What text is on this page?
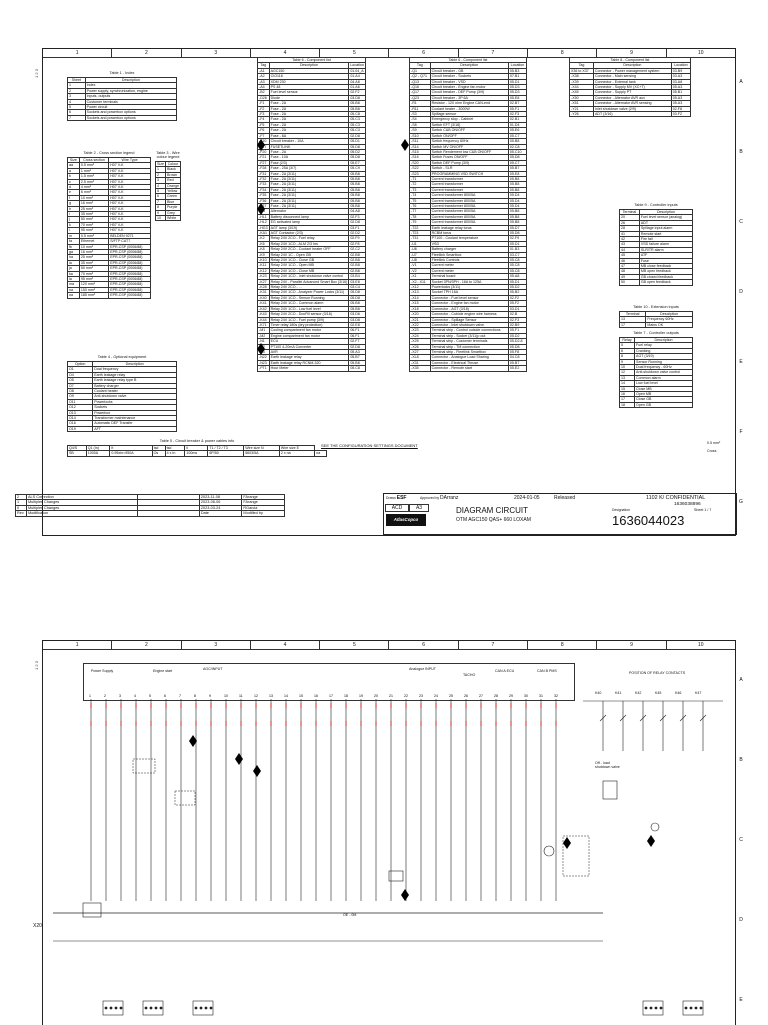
1	2	3	4	5	6	7	8	9	10
1 2 3	Table 1 - Index
Sheet	Description
1	Index
2	Power supply, synchronization, engine
3	Inputs, outputs
4	Customer terminals
5	Power circuit
6	Sockets and powerbox options
7	Sockets and powerbox options
Table 2 - Cross section legend
Size	Cross section	Wire Type
aa	0.5 mm²	H07 V-K
a	1 mm²	H07 V-K
b	1.5 mm²	H07 V-K
c	2.5 mm²	H07 V-K
d	4 mm²	H07 V-K
e	6 mm²	H07 V-K
f	10 mm²	H07 V-K
g	16 mm²	H07 V-K
h	25 mm²	H07 V-K
i	35 mm²	H07 V-K
j	50 mm²	H07 V-K
k	70 mm²	H07 V-K
l	95 mm²	H07 V-K
m	0.5 mm²	BELDEN 9271
fa	Ethernet	S/FTP CAT7
fb	10 mm²	EPR-CSP (0006/88)
ga	16 mm²	EPR-CSP (0006/88)
ha	25 mm²	EPR-CSP (0006/88)
ia	35 mm²	EPR-CSP (0006/88)
ja	50 mm²	EPR-CSP (0006/88)
ka	70 mm²	EPR-CSP (0006/88)
la	95 mm²	EPR-CSP (0006/88)
ma	120 mm²	EPR-CSP (0006/88)
na	150 mm²	EPR-CSP (0006/88)
oa	185 mm²	EPR-CSP (0006/88)
Table 3 - Wire colour legend
Size	Colour
1	Black
2	Brown
3	Red
4	Orange
5	Yellow
6	Green
7	Blue
8	Purple
9	Grey
10	White
Table 4 - Optional equipment
Option	Description
O1	Dual frequency
O4	Earth leakage relay
O5	Earth leakage relay type B
O7	Battery charger
O8	Coolant heater
O9	Anti-shutdown valve
O11	Powerlocks
O12	Sockets
O13	Powerbox
O14	Transformer maintenance
O16	Automatic DEF Transfer
O19	AFT
Table 5 - Circuit breaker & power cables info
Q4/S	Q1 (In)	It	Isd	tsd	Ii	T1 / T2 / T3	Wire size N	Wire size E	
SB	1000A	0.95xIn=950A	Os	4 x In	100ms	6P/50	5603/5A	2 x na	na
Table 6 - Component list		
Tag	Description	Location
-A1	AGC150	01.04_A
-A2	CIO116	01.A4
-A3	XDM 230	04.A8
-A4	PS 48	01.A6
-B2	Fuel level sensor	02.F2
-D26	Diode	03.D8
-F1	Fuse - 2A	05.B8
-F2	Fuse - 2A	05.B8
-F3	Fuse - 2A	05.C8
-F4	Fuse - 2A	05.C3
-F5	Fuse - 2A	05.C3
-F6	Fuse - 2A	05.C3
-F7	Fuse - 6A	02.D8
-F10	Circuit breaker - 10A	05.D1
-F17	FUSETLINK	05.D8
-F20	Fuse - 2A	05.D2
-F21	Fuse - 10A	05.D8
-F27	Fuse (2/3)	05.E7
-F28	Fuse - 25A (3/7)	05.C9
-F31	Fuse - 2A (3/11)	05.B8
-F32	Fuse - 2A (3/11)	05.B8
-F33	Fuse - 2A (3/11)	05.B8
-F34	Fuse - 2A (3/11)	05.B8
-F35	Fuse - 2A (3/11)	05.B8
-F36	Fuse - 2A (3/11)	05.B8
-F37	Fuse - 2A (3/11)	05.B8
-G3	Alternator	04.A8
-HL1	Battery disconnect lamp	02.F3
-HL2	EG activated lamp	02.D8
-HG3	AGT lamp (3/19)	03.F1
-KA1	AGT Contactor (2/3)	02.D2
-K2	Relay 24V 2CO - Fuel relay	02.F9
-K6	Relay 24V 1CO - ALM 2/3 hrs	02.F8
-K8	Relay 24V 2CO - Coolant heater OFF	02.C2
-K9	Relay 24V 1C - Open GB	02.B8
-K10	Relay 24V 1CO - Close GB	02.B8
-K11	Relay 24V 1CO - Open MB	02.B8
-K12	Relay 24V 1CO - Close MB	02.B8
-K23	Relay 24V 1CO - Inlet shutdown valve control	03.B4
-K27	Relay 24V - Parallel Advanced Smart Box (3/16)	03.E8
-K28	Relay 24V 2CO - ...	03.C4
-K31	Relay 24V 1CO - Analyzer Power Locks (3/11)	05.D8
-K40	Relay 24V 1CO - Sensor Running	05.D8
-K41	Relay 24V 1CO - Common alarm	05.B8
-K42	Relay 24V 1CO - Low fuel level	05.B8
-K43	Relay 24V 2CO - DocFill sensor (3/16)	03.D6
-K44	Relay 24V 1CO - Fuel pump (3/9)	03.D8
-K71	Timer relay 180s (dry protection)	02.E8
-M1	Cooling compartment fan motor	06.F1
-M2	Engine compartment fan motor	06.F1
-N1	ECU	02.F7
-N2	PT100 4-20mA Converter	02.D8
-N3	AVR	05.A3
-N22	Earth leakage relay	05.B7
-N23	Earth leakage relay RCNM-320	05.B8
-PT1	Hour Meter	05.C8
Table 6 - Component list		
Tag	Description	Location
-Q1	Circuit breaker - GB	05.B3
-Q2 - Q71	Circuit breaker - Sockets	07.B1
-Q13	Circuit breaker - VSD	05.D1
-Q16	Circuit breaker - Engine fan motor	05.D3
-Q17	Circuit breaker - DEF Pump (3/9)	05.D3
-Q23	Circuit breaker - 3P 6A	05.E8
-R1	Resistor - 120 ohm Engine CAN-end	02.B7
-R11	Coolant heater - 3000W	05.F1
-S3	Spillage sensor	02.F3
-S4	Emergency stop - Cabinet	02.B1
-S8	Switch EFT (3/18)	01.D4
-S9	Switch C&B ON/OFF	05.E6
-S10	Switch ON/OFF	05.C7
-S11	Switch frequency 60Hz	05.B8
-S14	Switch MV ON/OFF	02.C8
-S15	Switch Rendement low C&B ON/OFF	05.C10
-S16	Switch Fuses ON/OFF	05.D8
-S20	Switch DEF Pump (3/9)	05.C7
-S22	Switch - SLR	05.B7
-S23	PROGRAMMING VSD SWITCH	05.E8
-T1	Current transformer	05.B8
-T2	Current transformer	05.B8
-T3	Current transformer	05.B8
-T4	Current transformer 800/5A	05.D4
-T5	Current transformer 800/5A	05.D4
-T6	Current transformer 800/5A	05.D4
-T7	Current transformer 800/5A	05.B8
-T8	Current transformer 800/5A	05.B8
-T9	Current transformer 800/5A	05.B8
-T22	Earth leakage relay torus	05.D7
-T23	RCBM torus	05.D8
-T31	PT100 - Coolant temperature	02.F9
-U1	VSD	05.D1
-U6	Battery charger	01.B3
-U7	Fleetlink Smartbox	03.C7
-U8	Fleetlink Controls	05.C8
-V1	Current meter	05.C8
-V2	Current meter	05.C8
-X1	Terminal board	05.A8
-X2...X11	Socket 3PN/3PH - 16A to 125A	05.D1
-X12	Powerlocks (3/11)	05.D2
-X13	Socket TPH 16A	05.B2
-X14	Connector - Fuel level sensor	02.F2
-X15	Connector - Engine fan motor	05.F2
-X18	Connector - AGT (3/18)	03.D1
-X20	Connector - Cubicle engine wire harness	02.B
-X21	Connector - Spillage Sensor	02.F3
-X22	Connector - Inlet shutdown valve	02.B9
-X23	Terminal strip - Control outside connections	05.F1
-X24	Terminal strip - Socket (3/11)p out	05.D2
-X25	Terminal strip - Customer terminals	05.D2.8
-X26	Terminal strip - TM connection	05.D8
-X27	Terminal strip - Fleetlink Smartbox	05.F8
-XL8	Connector - Analogue Load Sharing	04.C8
-X31	Connector - Electrical Thruse	05.B7
-X35	Connector - Remote start	05.E2
Table 8 - Component list		
Tag	Description	Location
X36 to X37	Connector - Power management system	03.B9
-X38	Connector - Main sensing	03.A3
-X39	Connector - External tank	03.A8
-X44	Connector - Supply MV (XC+T)	05.A3
-X45	Connector - Supply PT	05.B1
-X50	Connector - Alternator AVR aux	05.A3
-X51	Connector - Alternator AVR sensing	05.A3
-Y21	Inlet shutdown valve (2/9)	02.F8
-Y26	ADT (3/16)	03.F2
Table 9 - Controller inputs
Terminal	Description
20	Fuel level sensor (analog)
26	ADT
28	Spillage input alarm
41	Remote start
42	Fire fail
43	VSD failure alarm
44	SLR/TR alarm
45	ATF
46	Fuse
47	MB close feedback
48	MB open feedback
49	GB closed feedback
50	GB open feedback
Table 10 - Extension inputs
Terminal	Description
13	Frequency 60Hz
17	Mains OK
Table 7 - Controller outputs
Relay	Description
5	Fuel relay
6	Cranking
8	AGT (3/19)
9	Sensor Running
10	Dual frequency - 60Hz
12	Anti-shutdown valve control
13	Common alarm
14	Low fuel level
15	Close MB
16	Open MB
17	Close GB
18	Open GB
SEE THE CONFIGURATION SETTINGS DOCUMENT	0.5 mm²
Cross
2	ALS Correction		2023-11-08	FArange
1	Multiples Changes		2023-06-06	FArange
0	Multiples Changes		2023-03-24	RGarcia
Rev	Modification		Date	Modified by
Drawn ESF	Approved by DArranz	2024-01-05	Released	1102 K/ CONFIDENTIAL
ACD	A3
AtlasCopco
DIAGRAM CIRCUIT
OTM AGC150 QAS+ 660 LOXAM
Designation
1636044023
1636038896
Sheet 1 / 7
A
B
C
D
E
F
G
1	2	3	4	5	6	7	8	9	10
1 2 3
Power Supply	Engine start	AGC/INPUT	Analogue INPUT
TACHO
CAN A ECU	CAN B PMS	POSITION OF RELAY CONTACTS
1	2	3	4	5	6	7	8	9	10	11	12	13	14	15	16	17	18	19	20	21	22	23	24	25	26	27	28	29	30	31	32
Off - load shutdown valve
OE - 0M
X20
A
B
C
D
E
K40	K41	K42	K45	K46	K47
